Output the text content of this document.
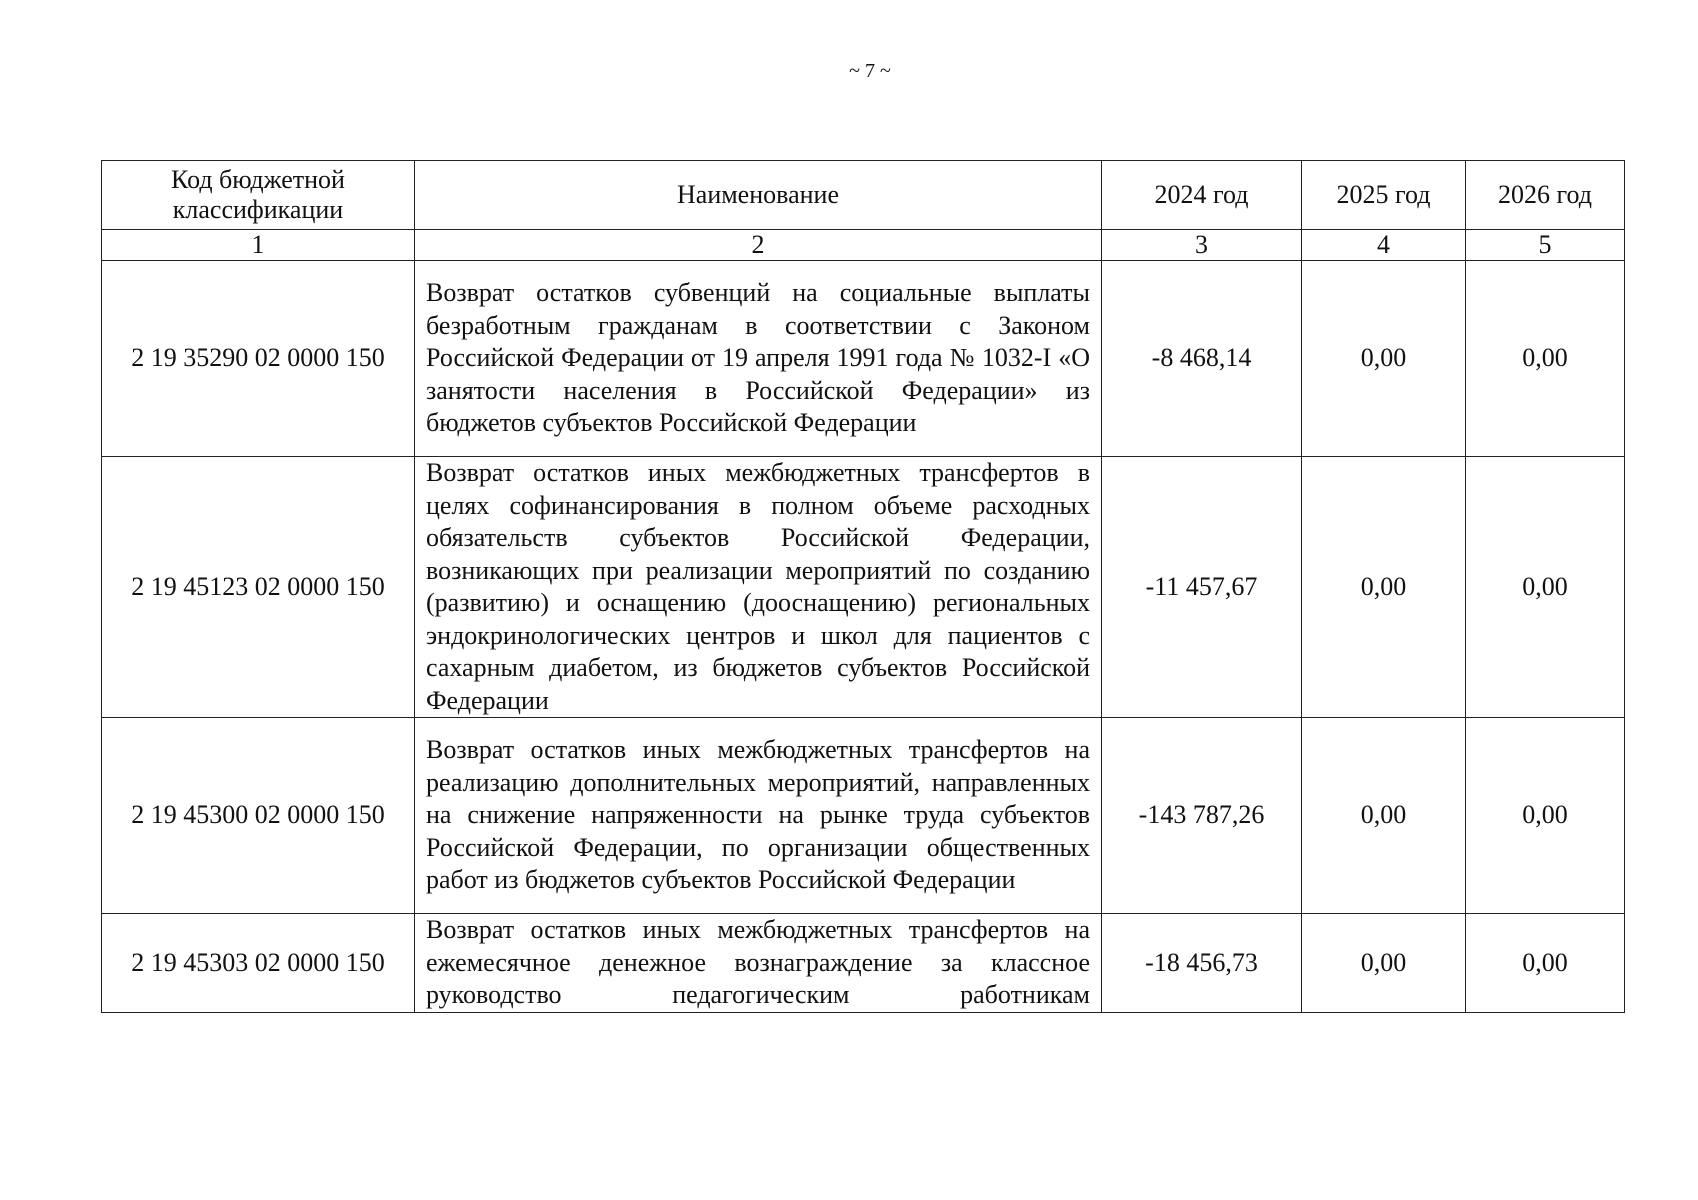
~ 7 ~
Код бюджетной классификации	Наименование	2024 год	2025 год	2026 год
1	2	3	4	5
2 19 35290 02 0000 150	Возврат остатков субвенций на социальные выплаты безработным гражданам в соответствии с Законом Российской Федерации от 19 апреля 1991 года № 1032-I «О занятости населения в Российской Федерации» из бюджетов субъектов Российской Федерации	-8 468,14	0,00	0,00
2 19 45123 02 0000 150	Возврат остатков иных межбюджетных трансфертов в целях софинансирования в полном объеме расходных обязательств субъектов Российской Федерации, возникающих при реализации мероприятий по созданию (развитию) и оснащению (дооснащению) региональных эндокринологических центров и школ для пациентов с сахарным диабетом, из бюджетов субъектов Российской Федерации	-11 457,67	0,00	0,00
2 19 45300 02 0000 150	Возврат остатков иных межбюджетных трансфертов на реализацию дополнительных мероприятий, направленных на снижение напряженности на рынке труда субъектов Российской Федерации, по организации общественных работ из бюджетов субъектов Российской Федерации	-143 787,26	0,00	0,00
2 19 45303 02 0000 150	Возврат остатков иных межбюджетных трансфертов на ежемесячное денежное вознаграждение за классное руководство педагогическим работникам	-18 456,73	0,00	0,00
